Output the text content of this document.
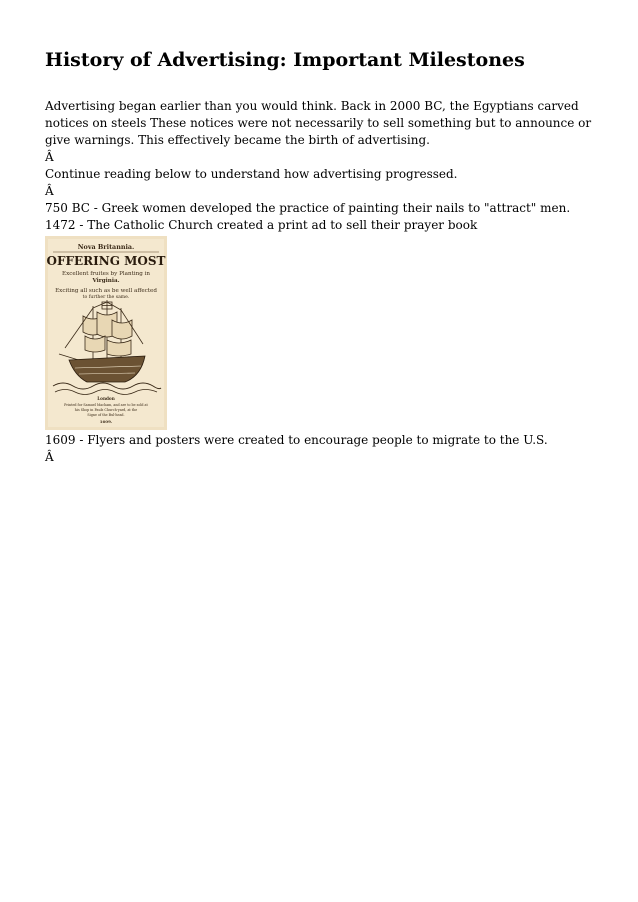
History of Advertising: Important Milestones

Advertising began earlier than you would think. Back in 2000 BC, the Egyptians carved notices on steels These notices were not necessarily to sell something but to announce or give warnings. This effectively became the birth of advertising.

Â

Continue reading below to understand how advertising progressed.

Â

750 BC - Greek women developed the practice of painting their nails to "attract" men.

1472 - The Catholic Church created a print ad to sell their prayer book

Nova Britannia.
OFFERING MOST
Excellent fruites by Planting in
Virginia.
Exciting all such as be well affected
to further the same.
London
Printed for Samuel Macham, and are to be sold at
his Shop in Pauls Church-yard, at the
Signe of the Bul-head.
1609.

1609 - Flyers and posters were created to encourage people to migrate to the U.S.

Â
